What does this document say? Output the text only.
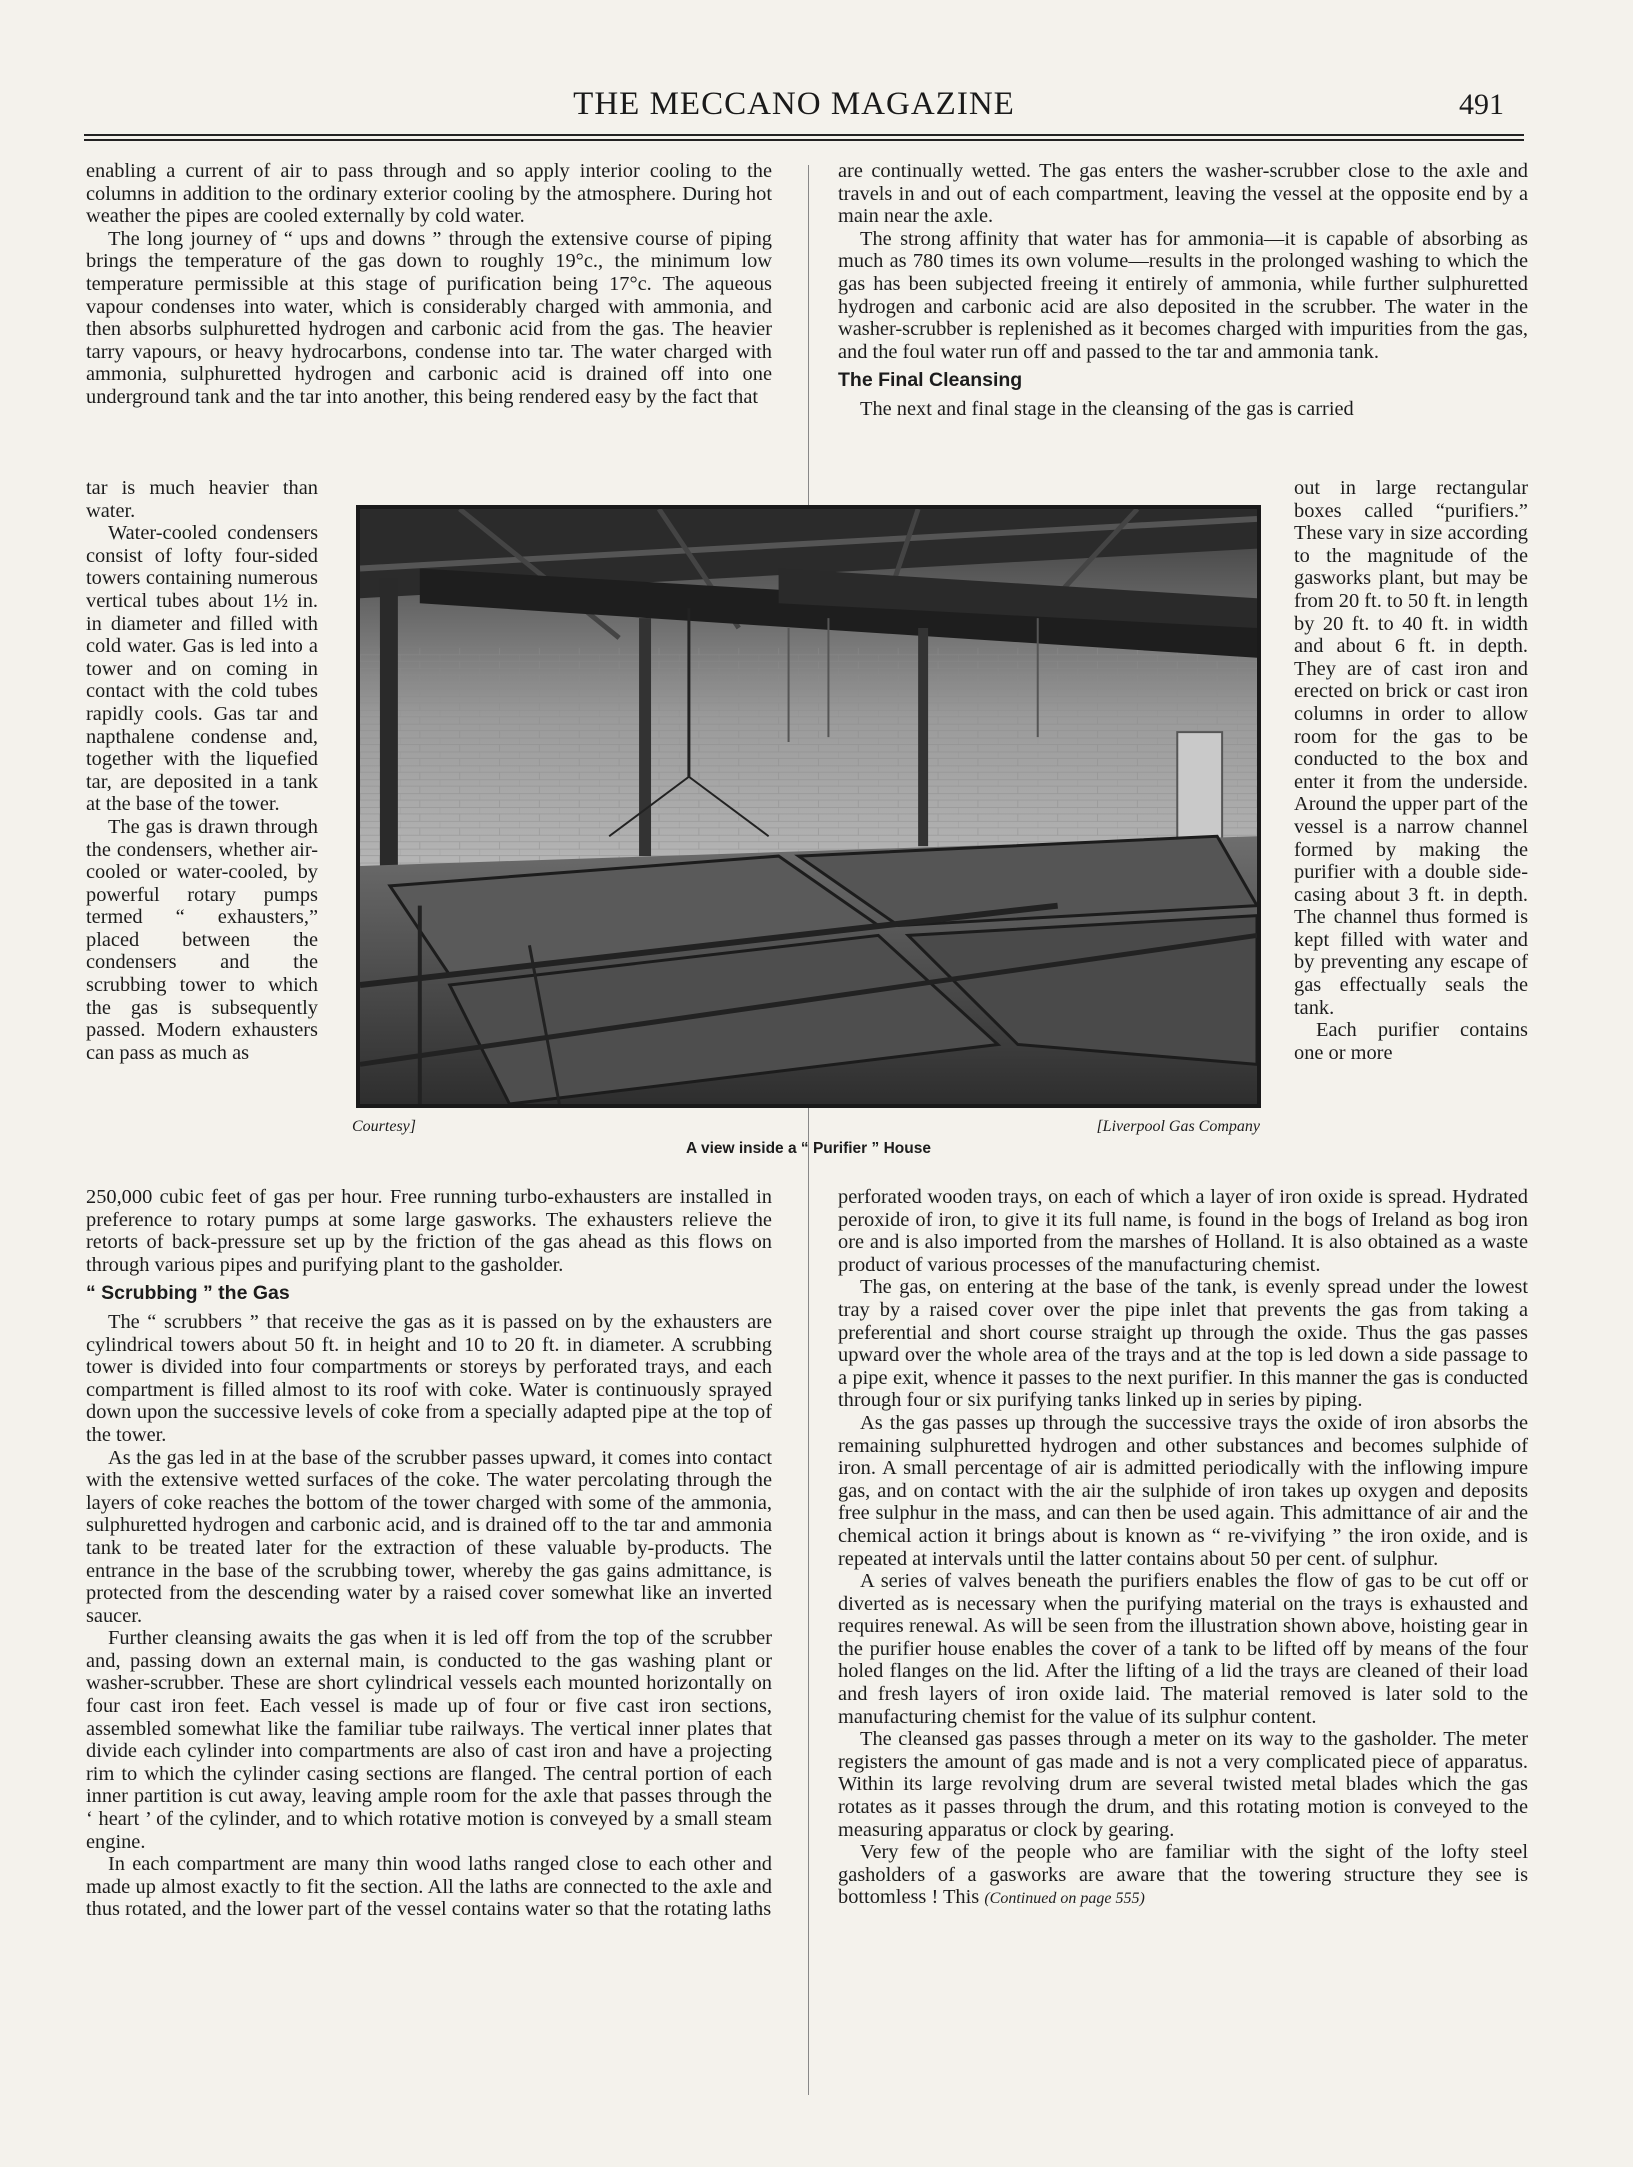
THE MECCANO MAGAZINE	491

enabling a current of air to pass through and so apply interior cooling to the columns in addition to the ordinary exterior cooling by the atmosphere. During hot weather the pipes are cooled externally by cold water.

The long journey of “ ups and downs ” through the extensive course of piping brings the temperature of the gas down to roughly 19°c., the minimum low temperature permissible at this stage of purification being 17°c. The aqueous vapour condenses into water, which is considerably charged with ammonia, and then absorbs sulphuretted hydrogen and carbonic acid from the gas. The heavier tarry vapours, or heavy hydrocarbons, condense into tar. The water charged with ammonia, sulphuretted hydrogen and carbonic acid is drained off into one underground tank and the tar into another, this being rendered easy by the fact that

tar is much heavier than water.

Water-cooled condensers consist of lofty four-sided towers containing numerous vertical tubes about 1½ in. in diameter and filled with cold water. Gas is led into a tower and on coming in contact with the cold tubes rapidly cools. Gas tar and napthalene condense and, together with the liquefied tar, are deposited in a tank at the base of the tower.

The gas is drawn through the condensers, whether air-cooled or water-cooled, by powerful rotary pumps termed “ exhausters,” placed between the condensers and the scrubbing tower to which the gas is subsequently passed. Modern exhausters can pass as much as

are continually wetted. The gas enters the washer-scrubber close to the axle and travels in and out of each compartment, leaving the vessel at the opposite end by a main near the axle.

The strong affinity that water has for ammonia—it is capable of absorbing as much as 780 times its own volume—results in the prolonged washing to which the gas has been subjected freeing it entirely of ammonia, while further sulphuretted hydrogen and carbonic acid are also deposited in the scrubber. The water in the washer-scrubber is replenished as it becomes charged with impurities from the gas, and the foul water run off and passed to the tar and ammonia tank.

The Final Cleansing

The next and final stage in the cleansing of the gas is carried

out in large rectangular boxes called “purifiers.” These vary in size according to the magnitude of the gasworks plant, but may be from 20 ft. to 50 ft. in length by 20 ft. to 40 ft. in width and about 6 ft. in depth. They are of cast iron and erected on brick or cast iron columns in order to allow room for the gas to be conducted to the box and enter it from the underside. Around the upper part of the vessel is a narrow channel formed by making the purifier with a double side-casing about 3 ft. in depth. The channel thus formed is kept filled with water and by preventing any escape of gas effectually seals the tank.

Each purifier contains one or more

Courtesy]	[Liverpool Gas Company
A view inside a “ Purifier ” House

250,000 cubic feet of gas per hour. Free running turbo-exhausters are installed in preference to rotary pumps at some large gasworks. The exhausters relieve the retorts of back-pressure set up by the friction of the gas ahead as this flows on through various pipes and purifying plant to the gasholder.

“ Scrubbing ” the Gas

The “ scrubbers ” that receive the gas as it is passed on by the exhausters are cylindrical towers about 50 ft. in height and 10 to 20 ft. in diameter. A scrubbing tower is divided into four compartments or storeys by perforated trays, and each compartment is filled almost to its roof with coke. Water is continuously sprayed down upon the successive levels of coke from a specially adapted pipe at the top of the tower.

As the gas led in at the base of the scrubber passes upward, it comes into contact with the extensive wetted surfaces of the coke. The water percolating through the layers of coke reaches the bottom of the tower charged with some of the ammonia, sulphuretted hydrogen and carbonic acid, and is drained off to the tar and ammonia tank to be treated later for the extraction of these valuable by-products. The entrance in the base of the scrubbing tower, whereby the gas gains admittance, is protected from the descending water by a raised cover somewhat like an inverted saucer.

Further cleansing awaits the gas when it is led off from the top of the scrubber and, passing down an external main, is conducted to the gas washing plant or washer-scrubber. These are short cylindrical vessels each mounted horizontally on four cast iron feet. Each vessel is made up of four or five cast iron sections, assembled somewhat like the familiar tube railways. The vertical inner plates that divide each cylinder into compartments are also of cast iron and have a projecting rim to which the cylinder casing sections are flanged. The central portion of each inner partition is cut away, leaving ample room for the axle that passes through the ‘ heart ’ of the cylinder, and to which rotative motion is conveyed by a small steam engine.

In each compartment are many thin wood laths ranged close to each other and made up almost exactly to fit the section. All the laths are connected to the axle and thus rotated, and the lower part of the vessel contains water so that the rotating laths

perforated wooden trays, on each of which a layer of iron oxide is spread. Hydrated peroxide of iron, to give it its full name, is found in the bogs of Ireland as bog iron ore and is also imported from the marshes of Holland. It is also obtained as a waste product of various processes of the manufacturing chemist.

The gas, on entering at the base of the tank, is evenly spread under the lowest tray by a raised cover over the pipe inlet that prevents the gas from taking a preferential and short course straight up through the oxide. Thus the gas passes upward over the whole area of the trays and at the top is led down a side passage to a pipe exit, whence it passes to the next purifier. In this manner the gas is conducted through four or six purifying tanks linked up in series by piping.

As the gas passes up through the successive trays the oxide of iron absorbs the remaining sulphuretted hydrogen and other substances and becomes sulphide of iron. A small percentage of air is admitted periodically with the inflowing impure gas, and on contact with the air the sulphide of iron takes up oxygen and deposits free sulphur in the mass, and can then be used again. This admittance of air and the chemical action it brings about is known as “ re-vivifying ” the iron oxide, and is repeated at intervals until the latter contains about 50 per cent. of sulphur.

A series of valves beneath the purifiers enables the flow of gas to be cut off or diverted as is necessary when the purifying material on the trays is exhausted and requires renewal. As will be seen from the illustration shown above, hoisting gear in the purifier house enables the cover of a tank to be lifted off by means of the four holed flanges on the lid. After the lifting of a lid the trays are cleaned of their load and fresh layers of iron oxide laid. The material removed is later sold to the manufacturing chemist for the value of its sulphur content.

The cleansed gas passes through a meter on its way to the gasholder. The meter registers the amount of gas made and is not a very complicated piece of apparatus. Within its large revolving drum are several twisted metal blades which the gas rotates as it passes through the drum, and this rotating motion is conveyed to the measuring apparatus or clock by gearing.

Very few of the people who are familiar with the sight of the lofty steel gasholders of a gasworks are aware that the towering structure they see is bottomless ! This (Continued on page 555)
